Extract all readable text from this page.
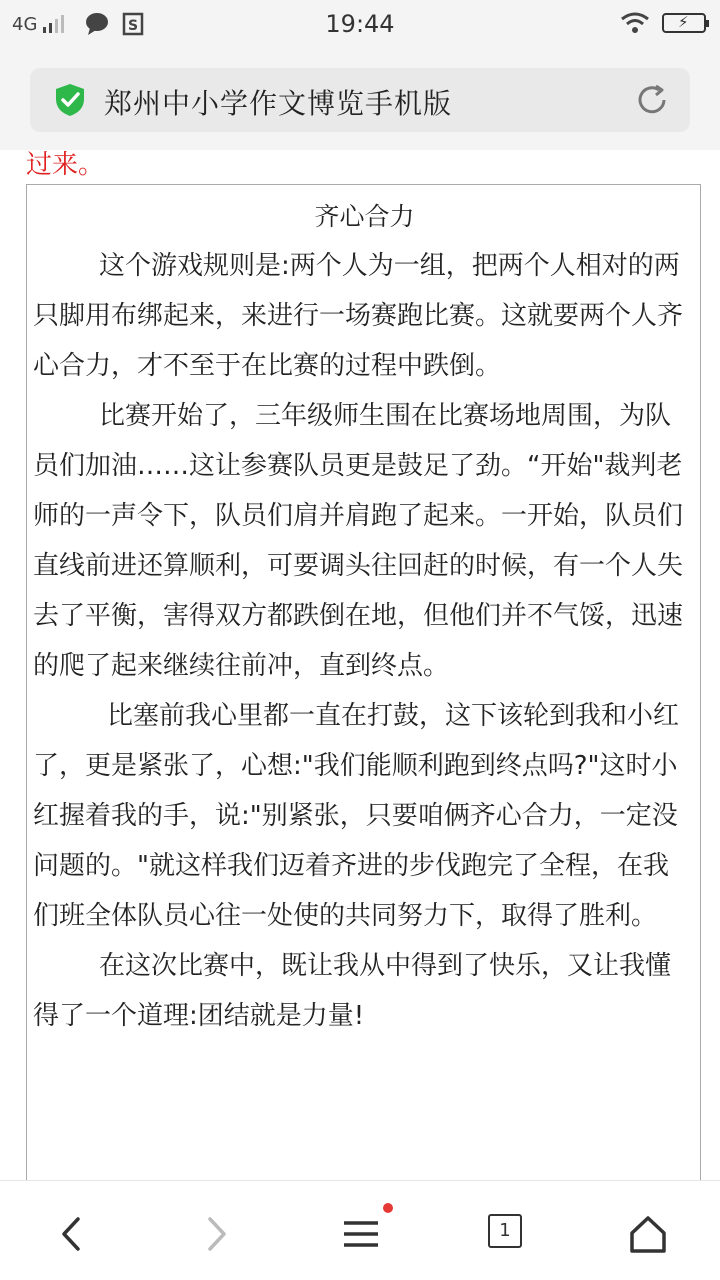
4G	S	19:44	⚡
郑州中小学作文博览手机版
过来。
齐心合力

这个游戏规则是:两个人为一组，把两个人相对的两只脚用布绑起来，来进行一场赛跑比赛。这就要两个人齐心合力，才不至于在比赛的过程中跌倒。

比赛开始了，三年级师生围在比赛场地周围，为队员们加油……这让参赛队员更是鼓足了劲。“开始"裁判老师的一声令下，队员们肩并肩跑了起来。一开始，队员们直线前进还算顺利，可要调头往回赶的时候，有一个人失去了平衡，害得双方都跌倒在地，但他们并不气馁，迅速的爬了起来继续往前冲，直到终点。

比塞前我心里都一直在打鼓，这下该轮到我和小红了，更是紧张了，心想:"我们能顺利跑到终点吗?"这时小红握着我的手，说:"别紧张，只要咱俩齐心合力，一定没问题的。"就这样我们迈着齐进的步伐跑完了全程，在我们班全体队员心往一处使的共同努力下，取得了胜利。

在这次比赛中，既让我从中得到了快乐，又让我懂得了一个道理:团结就是力量!

1
